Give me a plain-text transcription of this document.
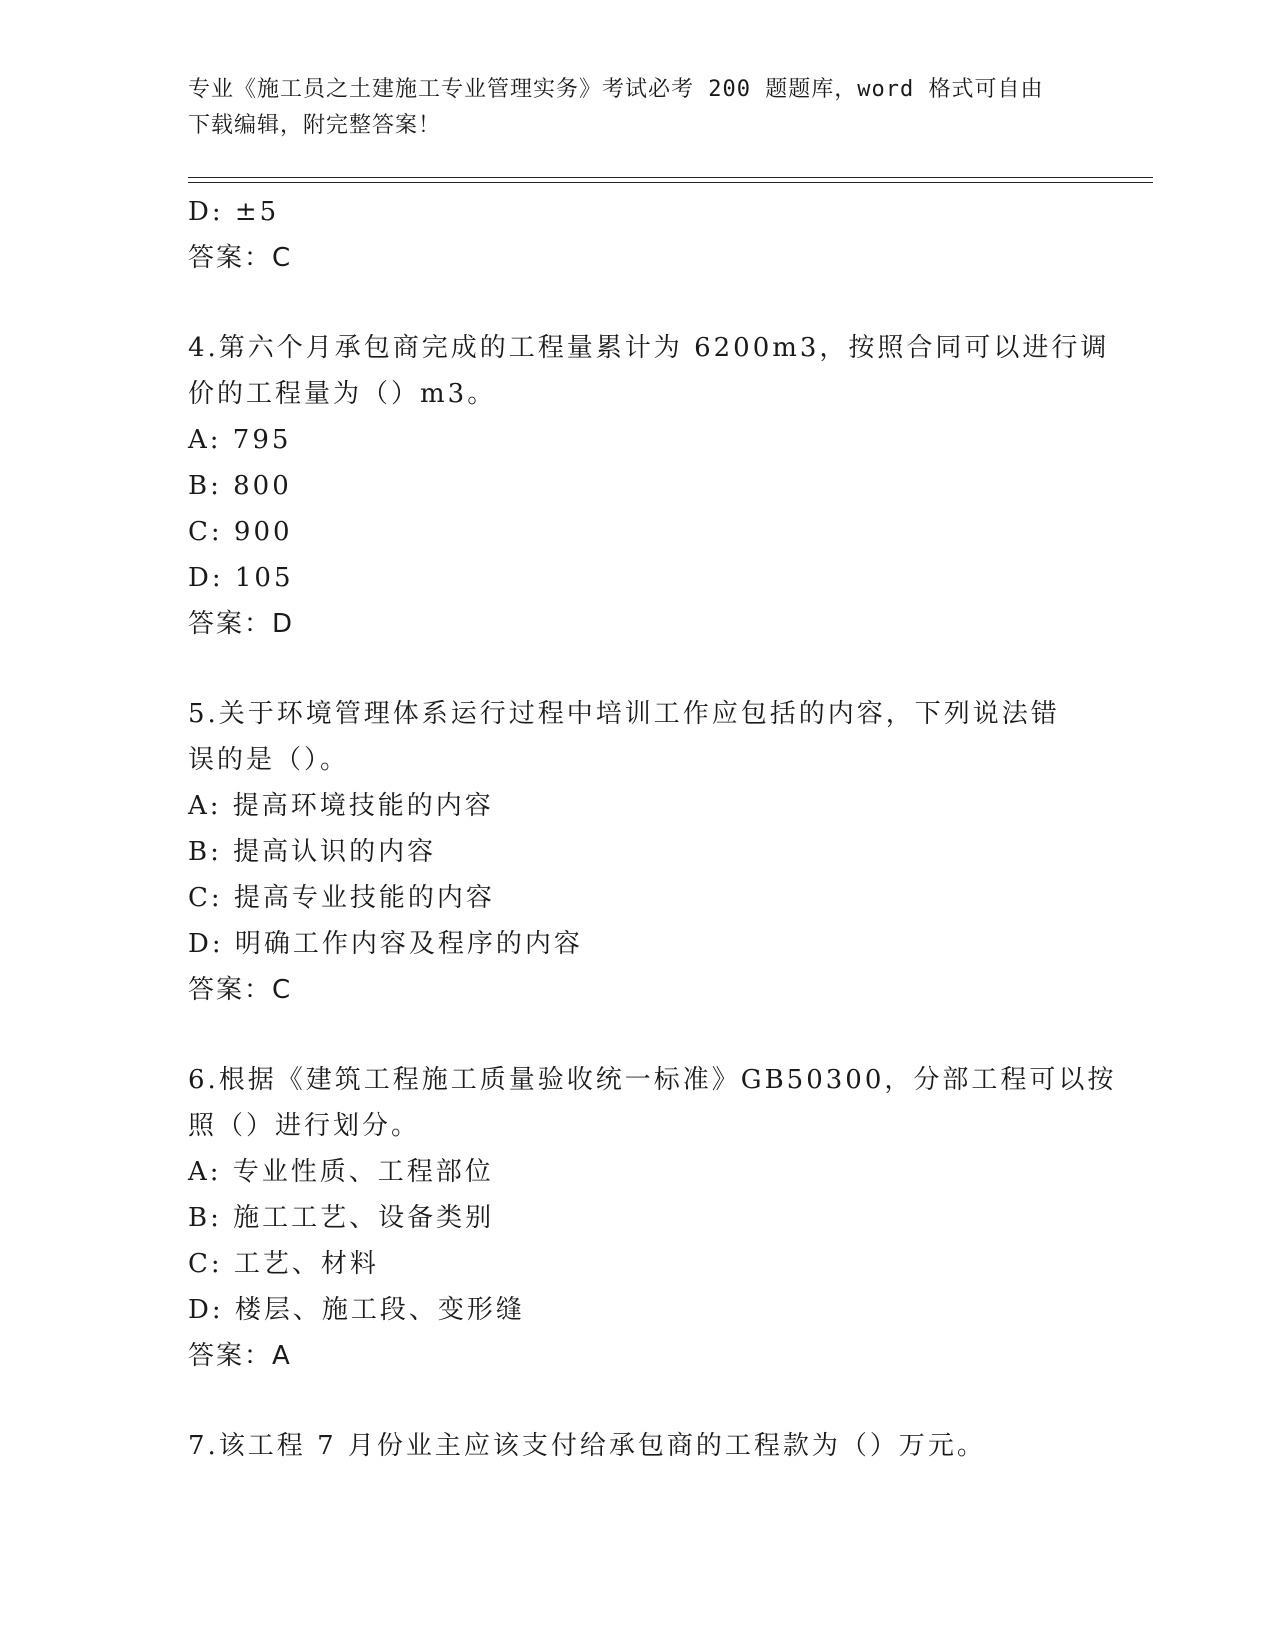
专业《施工员之土建施工专业管理实务》考试必考 200 题题库，word 格式可自由
下载编辑，附完整答案！
D: ±5
答案：C
4.第六个月承包商完成的工程量累计为 6200m3，按照合同可以进行调
价的工程量为（）m3。
A: 795
B: 800
C: 900
D: 105
答案：D
5.关于环境管理体系运行过程中培训工作应包括的内容，下列说法错
误的是（）。
A: 提高环境技能的内容
B: 提高认识的内容
C: 提高专业技能的内容
D: 明确工作内容及程序的内容
答案：C
6.根据《建筑工程施工质量验收统一标准》GB50300，分部工程可以按
照（）进行划分。
A: 专业性质、工程部位
B: 施工工艺、设备类别
C: 工艺、材料
D: 楼层、施工段、变形缝
答案：A
7.该工程 7 月份业主应该支付给承包商的工程款为（）万元。
